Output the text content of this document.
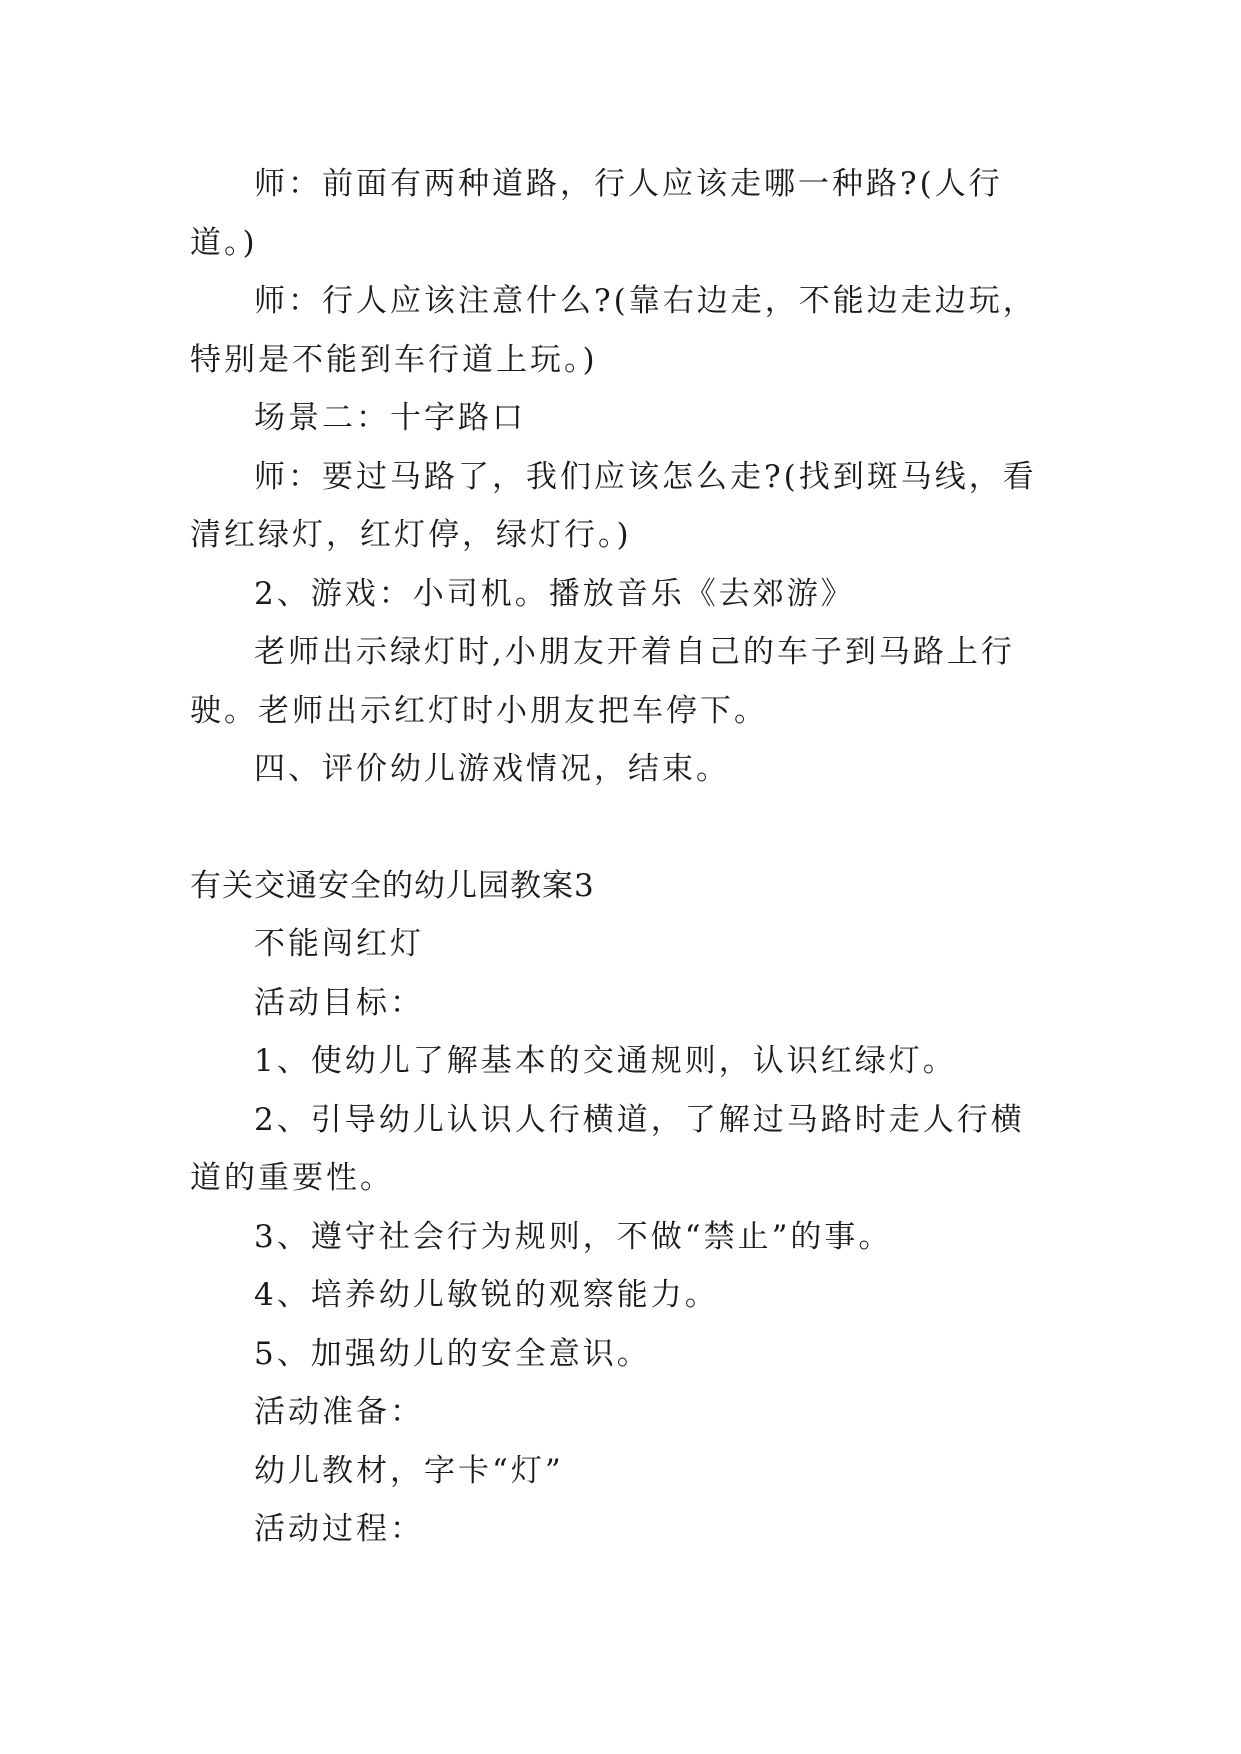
师：前面有两种道路，行人应该走哪一种路?(人行道。)

师：行人应该注意什么?(靠右边走，不能边走边玩，特别是不能到车行道上玩。)

场景二：十字路口

师：要过马路了，我们应该怎么走?(找到斑马线，看清红绿灯，红灯停，绿灯行。)

2、游戏：小司机。播放音乐《去郊游》

老师出示绿灯时,小朋友开着自己的车子到马路上行驶。老师出示红灯时小朋友把车停下。

四、评价幼儿游戏情况，结束。

有关交通安全的幼儿园教案3

不能闯红灯

活动目标：

1、使幼儿了解基本的交通规则，认识红绿灯。

2、引导幼儿认识人行横道，了解过马路时走人行横道的重要性。

3、遵守社会行为规则，不做“禁止”的事。

4、培养幼儿敏锐的观察能力。

5、加强幼儿的安全意识。

活动准备：

幼儿教材，字卡“灯”

活动过程：
